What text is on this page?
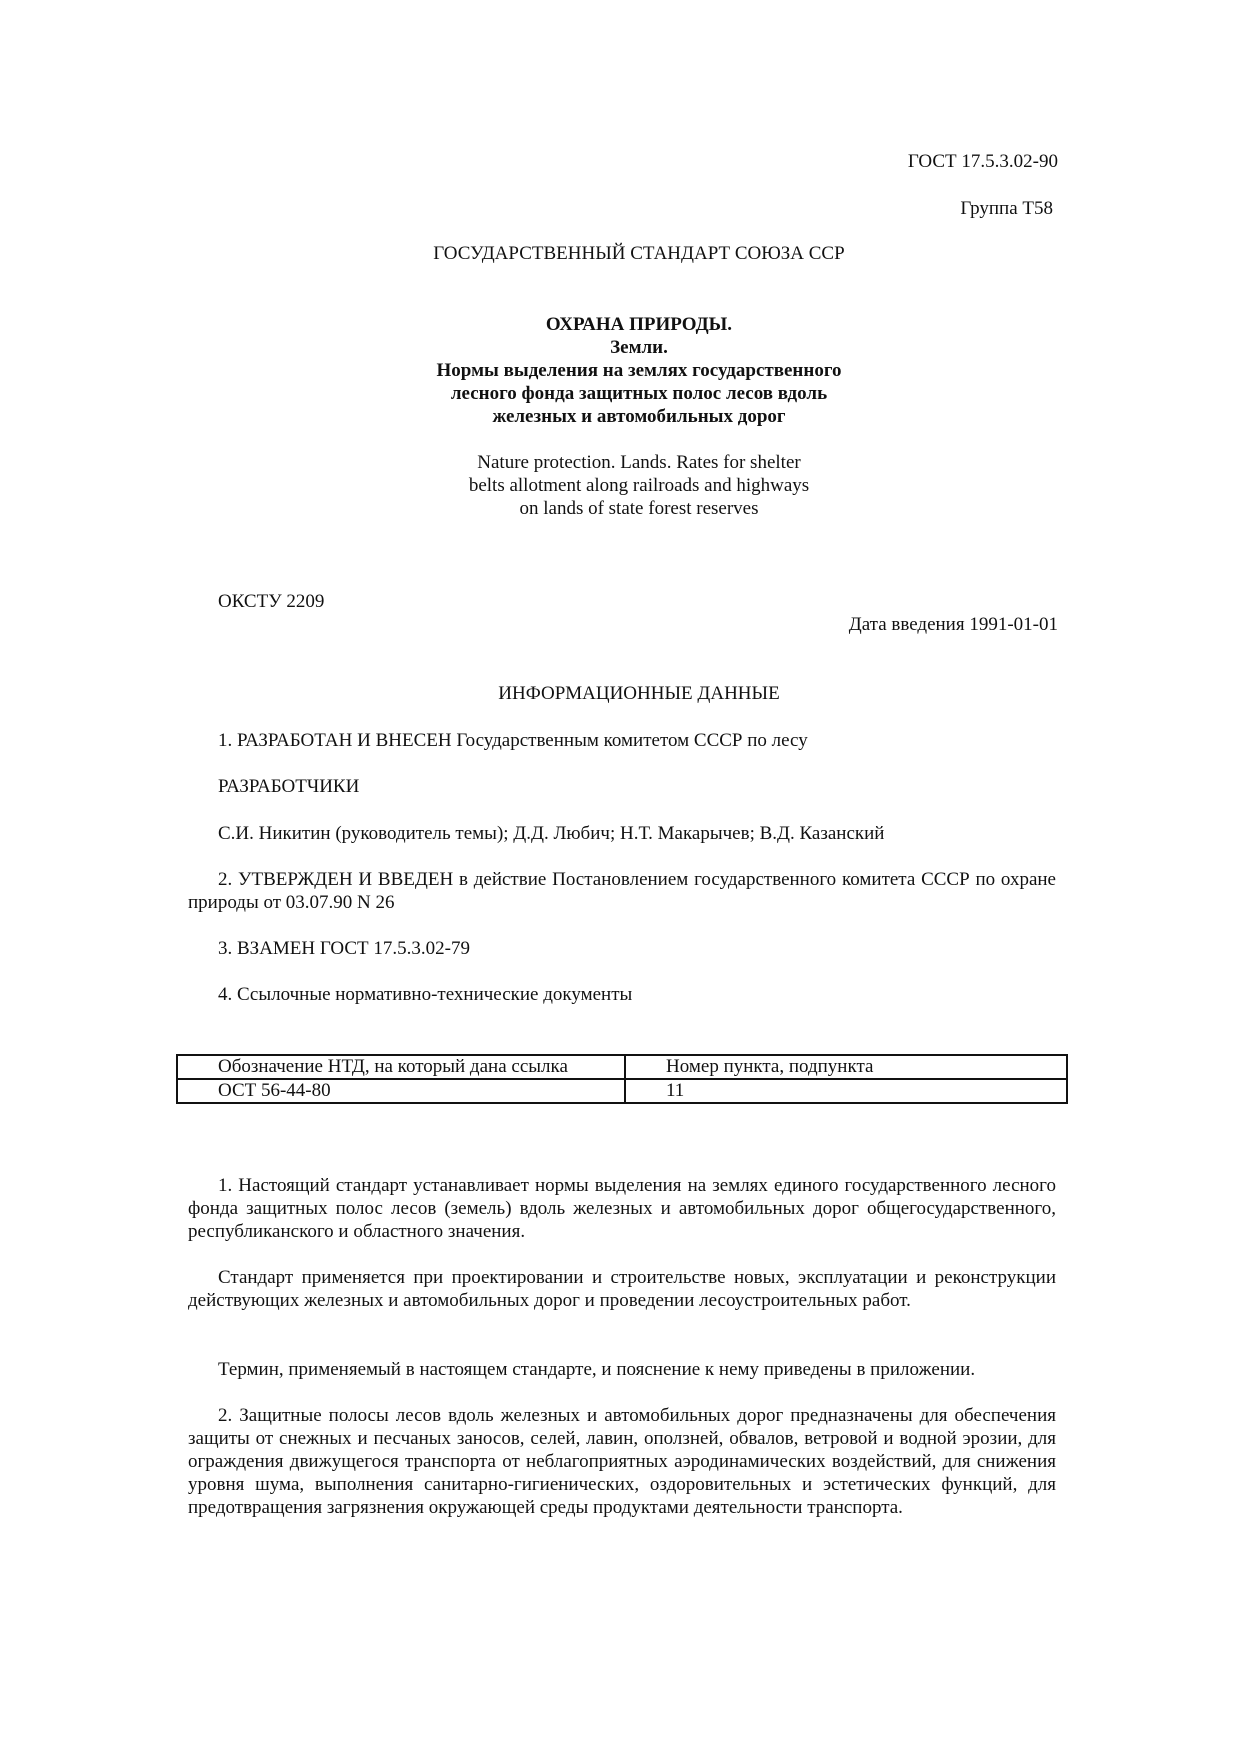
ГОСТ 17.5.3.02-90
Группа Т58
ГОСУДАРСТВЕННЫЙ СТАНДАРТ СОЮЗА ССР
ОХРАНА ПРИРОДЫ.
Земли.
Нормы выделения на землях государственного
лесного фонда защитных полос лесов вдоль
железных и автомобильных дорог
Nature protection. Lands. Rates for shelter
belts allotment along railroads and highways
on lands of state forest reserves
ОКСТУ 2209
Дата введения 1991-01-01
ИНФОРМАЦИОННЫЕ ДАННЫЕ
1. РАЗРАБОТАН И ВНЕСЕН Государственным комитетом СССР по лесу
РАЗРАБОТЧИКИ
С.И. Никитин (руководитель темы); Д.Д. Любич; Н.Т. Макарычев; В.Д. Казанский
2. УТВЕРЖДЕН И ВВЕДЕН в действие Постановлением государственного комитета СССР по охране природы от 03.07.90 N 26
3. ВЗАМЕН ГОСТ 17.5.3.02-79
4. Ссылочные нормативно-технические документы
Обозначение НТД, на который дана ссылка	Номер пункта, подпункта
ОСТ 56-44-80	11
1. Настоящий стандарт устанавливает нормы выделения на землях единого государственного лесного фонда защитных полос лесов (земель) вдоль железных и автомобильных дорог общегосударственного, республиканского и областного значения.
Стандарт применяется при проектировании и строительстве новых, эксплуатации и реконструкции действующих железных и автомобильных дорог и проведении лесоустроительных работ.
Термин, применяемый в настоящем стандарте, и пояснение к нему приведены в приложении.
2. Защитные полосы лесов вдоль железных и автомобильных дорог предназначены для обеспечения защиты от снежных и песчаных заносов, селей, лавин, оползней, обвалов, ветровой и водной эрозии, для ограждения движущегося транспорта от неблагоприятных аэродинамических воздействий, для снижения уровня шума, выполнения санитарно-гигиенических, оздоровительных и эстетических функций, для предотвращения загрязнения окружающей среды продуктами деятельности транспорта.
